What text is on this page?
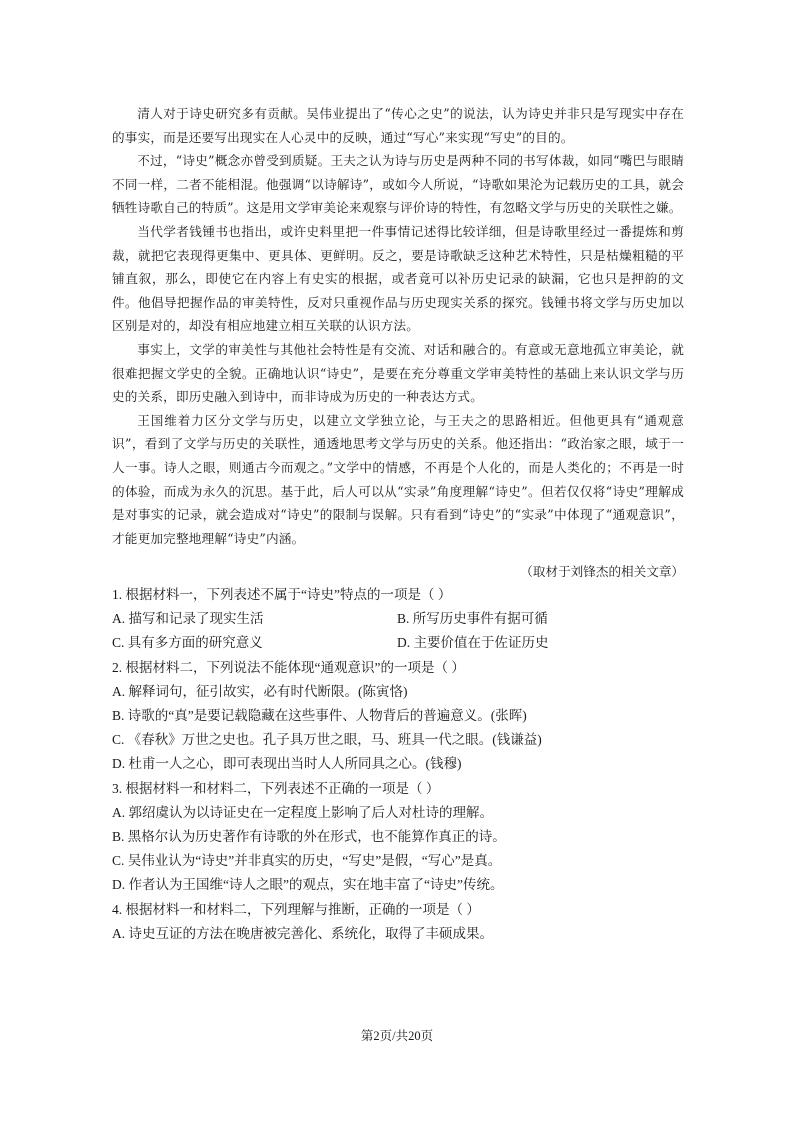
清人对于诗史研究多有贡献。吴伟业提出了“传心之史”的说法，认为诗史并非只是写现实中存在的事实，而是还要写出现实在人心灵中的反映，通过“写心”来实现“写史”的目的。

不过，“诗史”概念亦曾受到质疑。王夫之认为诗与历史是两种不同的书写体裁，如同“嘴巴与眼睛不同一样，二者不能相混。他强调“以诗解诗”，或如今人所说，“诗歌如果沦为记载历史的工具，就会牺牲诗歌自己的特质”。这是用文学审美论来观察与评价诗的特性，有忽略文学与历史的关联性之嫌。

当代学者钱锺书也指出，或许史料里把一件事情记述得比较详细，但是诗歌里经过一番提炼和剪裁，就把它表现得更集中、更具体、更鲜明。反之，要是诗歌缺乏这种艺术特性，只是枯燥粗糙的平铺直叙，那么，即使它在内容上有史实的根据，或者竟可以补历史记录的缺漏，它也只是押韵的文件。他倡导把握作品的审美特性，反对只重视作品与历史现实关系的探究。钱锺书将文学与历史加以区别是对的，却没有相应地建立相互关联的认识方法。

事实上，文学的审美性与其他社会特性是有交流、对话和融合的。有意或无意地孤立审美论，就很难把握文学史的全貌。正确地认识“诗史”，是要在充分尊重文学审美特性的基础上来认识文学与历史的关系，即历史融入到诗中，而非诗成为历史的一种表达方式。

王国维着力区分文学与历史，以建立文学独立论，与王夫之的思路相近。但他更具有“通观意识”，看到了文学与历史的关联性，通透地思考文学与历史的关系。他还指出：“政治家之眼，域于一人一事。诗人之眼，则通古今而观之。”文学中的情感，不再是个人化的，而是人类化的；不再是一时的体验，而成为永久的沉思。基于此，后人可以从“实录”角度理解“诗史”。但若仅仅将“诗史”理解成是对事实的记录，就会造成对“诗史”的限制与误解。只有看到“诗史”的“实录”中体现了“通观意识”，才能更加完整地理解“诗史”内涵。

（取材于刘锋杰的相关文章）

1. 根据材料一，下列表述不属于“诗史”特点的一项是（ ）

A. 描写和记录了现实生活	B. 所写历史事件有据可循
C. 具有多方面的研究意义	D. 主要价值在于佐证历史

2. 根据材料二，下列说法不能体现“通观意识”的一项是（ ）

A. 解释词句，征引故实，必有时代断限。(陈寅恪)

B. 诗歌的“真”是要记载隐藏在这些事件、人物背后的普遍意义。(张晖)

C. 《春秋》万世之史也。孔子具万世之眼，马、班具一代之眼。(钱谦益)

D. 杜甫一人之心，即可表现出当时人人所同具之心。(钱穆)

3. 根据材料一和材料二，下列表述不正确的一项是（ ）

A. 郭绍虞认为以诗证史在一定程度上影响了后人对杜诗的理解。

B. 黑格尔认为历史著作有诗歌的外在形式，也不能算作真正的诗。

C. 吴伟业认为“诗史”并非真实的历史，“写史”是假，“写心”是真。

D. 作者认为王国维“诗人之眼”的观点，实在地丰富了“诗史”传统。

4. 根据材料一和材料二，下列理解与推断，正确的一项是（ ）

A. 诗史互证的方法在晚唐被完善化、系统化，取得了丰硕成果。

第2页/共20页
